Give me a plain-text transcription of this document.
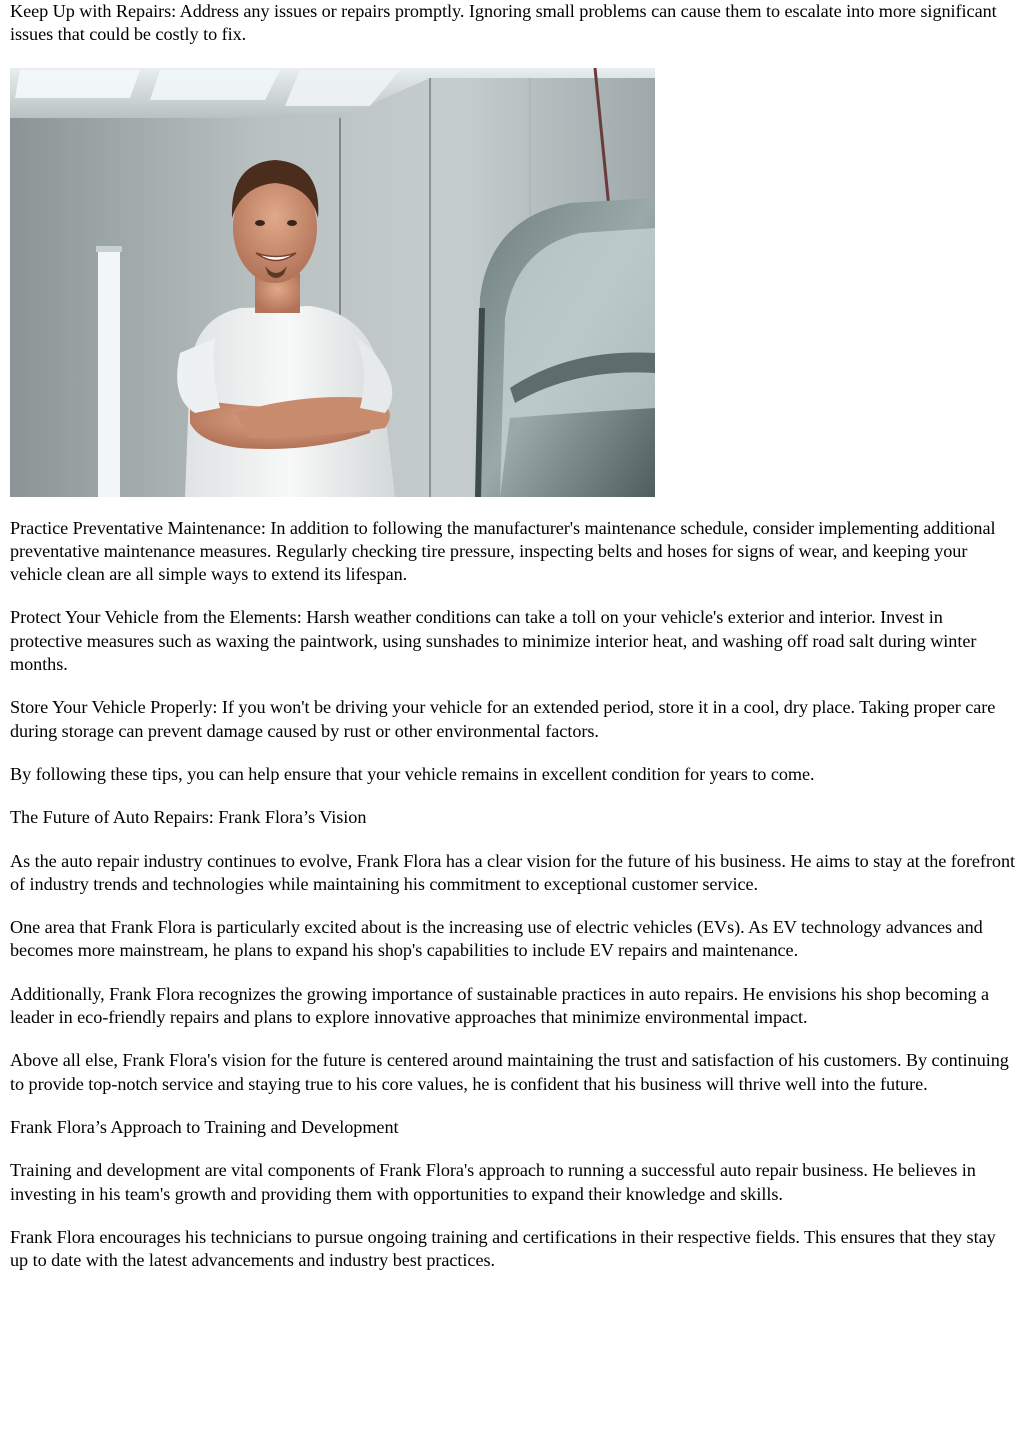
Keep Up with Repairs: Address any issues or repairs promptly. Ignoring small problems can cause them to escalate into more significant issues that could be costly to fix.

Practice Preventative Maintenance: In addition to following the manufacturer's maintenance schedule, consider implementing additional preventative maintenance measures. Regularly checking tire pressure, inspecting belts and hoses for signs of wear, and keeping your vehicle clean are all simple ways to extend its lifespan.

Protect Your Vehicle from the Elements: Harsh weather conditions can take a toll on your vehicle's exterior and interior. Invest in protective measures such as waxing the paintwork, using sunshades to minimize interior heat, and washing off road salt during winter months.

Store Your Vehicle Properly: If you won't be driving your vehicle for an extended period, store it in a cool, dry place. Taking proper care during storage can prevent damage caused by rust or other environmental factors.

By following these tips, you can help ensure that your vehicle remains in excellent condition for years to come.

The Future of Auto Repairs: Frank Flora’s Vision

As the auto repair industry continues to evolve, Frank Flora has a clear vision for the future of his business. He aims to stay at the forefront of industry trends and technologies while maintaining his commitment to exceptional customer service.

One area that Frank Flora is particularly excited about is the increasing use of electric vehicles (EVs). As EV technology advances and becomes more mainstream, he plans to expand his shop's capabilities to include EV repairs and maintenance.

Additionally, Frank Flora recognizes the growing importance of sustainable practices in auto repairs. He envisions his shop becoming a leader in eco-friendly repairs and plans to explore innovative approaches that minimize environmental impact.

Above all else, Frank Flora's vision for the future is centered around maintaining the trust and satisfaction of his customers. By continuing to provide top-notch service and staying true to his core values, he is confident that his business will thrive well into the future.

Frank Flora’s Approach to Training and Development

Training and development are vital components of Frank Flora's approach to running a successful auto repair business. He believes in investing in his team's growth and providing them with opportunities to expand their knowledge and skills.

Frank Flora encourages his technicians to pursue ongoing training and certifications in their respective fields. This ensures that they stay up to date with the latest advancements and industry best practices.
